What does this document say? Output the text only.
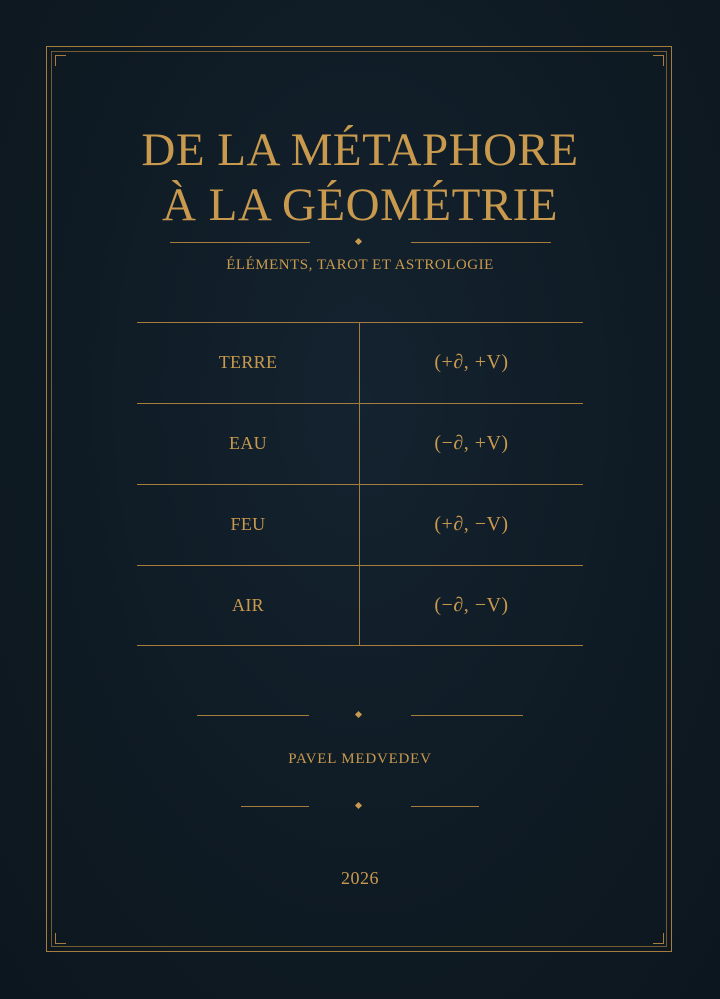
DE LA MÉTAPHORE
À LA GÉOMÉTRIE
ÉLÉMENTS, TAROT ET ASTROLOGIE
TERRE	(+∂, +V)
EAU	(−∂, +V)
FEU	(+∂, −V)
AIR	(−∂, −V)
PAVEL MEDVEDEV
2026
